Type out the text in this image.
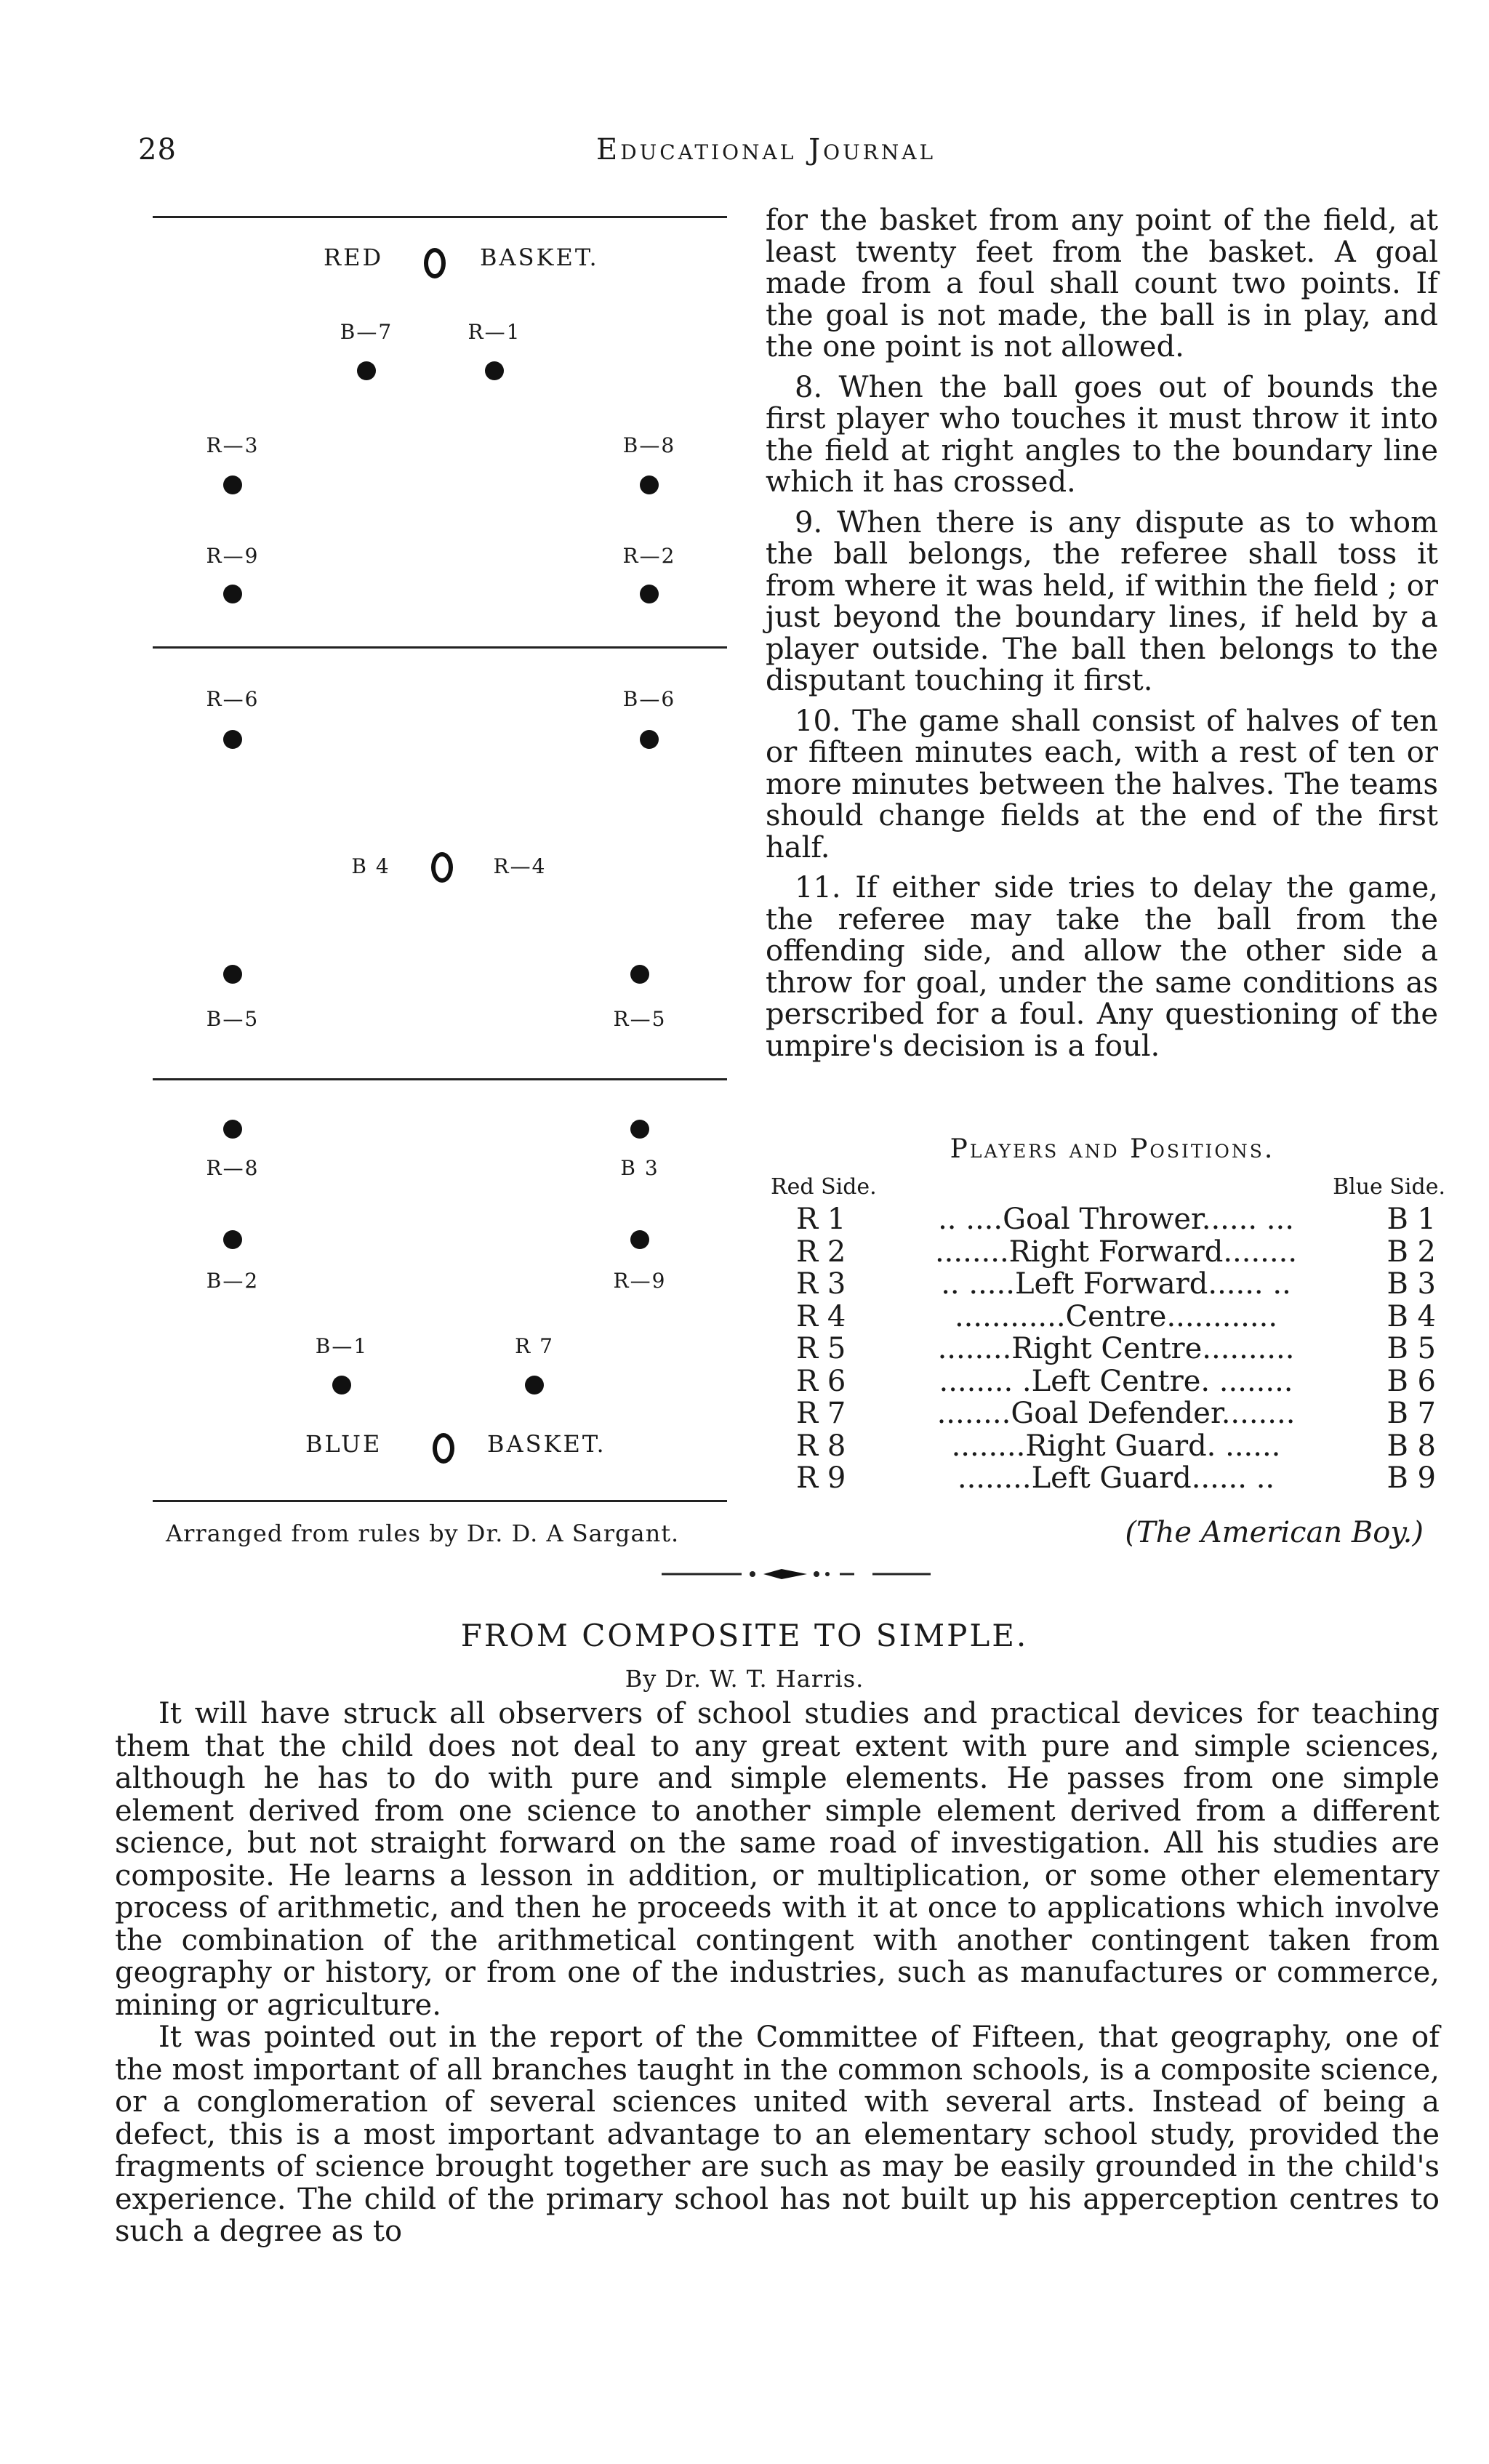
28	Educational Journal
RED	BASKET.
B—7	R—1
R—3	B—8
R—9	R—2
R—6	B—6
B 4	R—4
B—5	R—5
R—8	B 3
B—2	R—9
B—1	R 7
BLUE	BASKET.
Arranged from rules by Dr. D. A Sargant.

for the basket from any point of the field, at least twenty feet from the basket. A goal made from a foul shall count two points. If the goal is not made, the ball is in play, and the one point is not allowed.

8. When the ball goes out of bounds the first player who touches it must throw it into the field at right angles to the boundary line which it has crossed.

9. When there is any dispute as to whom the ball belongs, the referee shall toss it from where it was held, if within the field ; or just beyond the boundary lines, if held by a player outside. The ball then belongs to the disputant touching it first.

10. The game shall consist of halves of ten or fifteen minutes each, with a rest of ten or more minutes between the halves. The teams should change fields at the end of the first half.

11. If either side tries to delay the game, the referee may take the ball from the offending side, and allow the other side a throw for goal, under the same conditions as perscribed for a foul. Any questioning of the umpire's decision is a foul.

Players and Positions.
Red Side.	Blue Side.
R 1	.. ....Goal Thrower...... ...	B 1
R 2	........Right Forward........	B 2
R 3	.. .....Left Forward...... ..	B 3
R 4	............Centre............	B 4
R 5	........Right Centre..........	B 5
R 6	........ .Left Centre. ........	B 6
R 7	........Goal Defender........	B 7
R 8	........Right Guard. ......	B 8
R 9	........Left Guard...... ..	B 9
(The American Boy.)
FROM COMPOSITE TO SIMPLE.
By Dr. W. T. Harris.

It will have struck all observers of school studies and practical devices for teaching them that the child does not deal to any great extent with pure and simple sciences, although he has to do with pure and simple elements. He passes from one simple element derived from one science to another simple element derived from a different science, but not straight forward on the same road of investigation. All his studies are composite. He learns a lesson in addition, or multiplication, or some other elementary process of arithmetic, and then he proceeds with it at once to applications which involve the combination of the arithmetical contingent with another contingent taken from geography or history, or from one of the industries, such as manufactures or commerce, mining or agriculture.

It was pointed out in the report of the Committee of Fifteen, that geography, one of the most important of all branches taught in the common schools, is a composite science, or a conglomeration of several sciences united with several arts. Instead of being a defect, this is a most important advantage to an elementary school study, provided the fragments of science brought together are such as may be easily grounded in the child's experience. The child of the primary school has not built up his apperception centres to such a degree as to
